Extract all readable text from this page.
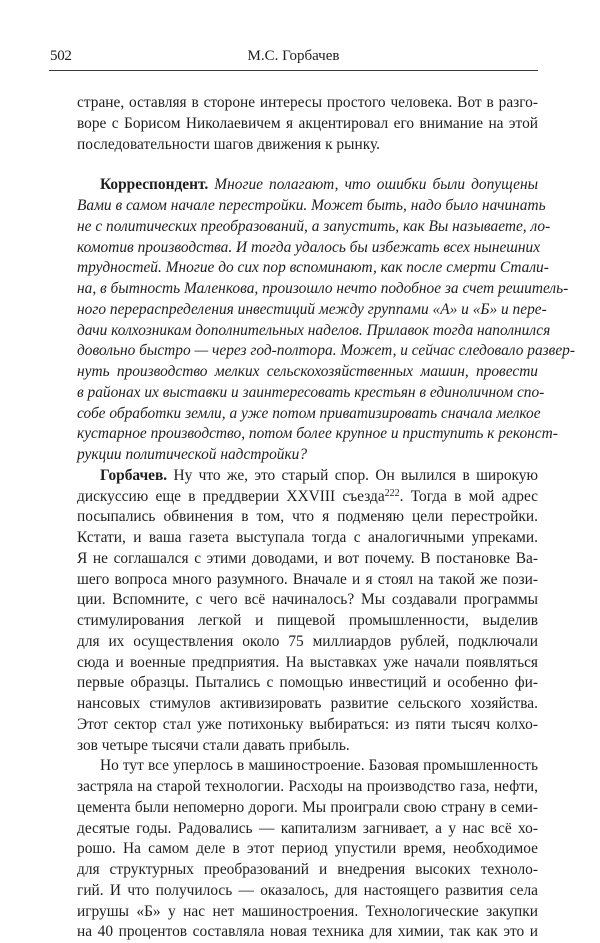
502	М.С. Горбачев

стране, оставляя в стороне интересы простого человека. Вот в разго-
воре с Борисом Николаевичем я акцентировал его внимание на этой
последовательности шагов движения к рынку.

Корреспондент. Многие полагают, что ошибки были допущены
Вами в самом начале перестройки. Может быть, надо было начинать
не с политических преобразований, а запустить, как Вы называете, ло-
комотив производства. И тогда удалось бы избежать всех нынешних
трудностей. Многие до сих пор вспоминают, как после смерти Стали-
на, в бытность Маленкова, произошло нечто подобное за счет решитель-
ного перераспределения инвестиций между группами «А» и «Б» и пере-
дачи колхозникам дополнительных наделов. Прилавок тогда наполнился
довольно быстро — через год-полтора. Может, и сейчас следовало развер-
нуть производство мелких сельскохозяйственных машин, провести
в районах их выставки и заинтересовать крестьян в единоличном спо-
собе обработки земли, а уже потом приватизировать сначала мелкое
кустарное производство, потом более крупное и приступить к реконст-
рукции политической надстройки?

Горбачев. Ну что же, это старый спор. Он вылился в широкую
дискуссию еще в преддверии XXVIII съезда$^{222}$. Тогда в мой адрес
посыпались обвинения в том, что я подменяю цели перестройки.
Кстати, и ваша газета выступала тогда с аналогичными упреками.
Я не соглашался с этими доводами, и вот почему. В постановке Ва-
шего вопроса много разумного. Вначале и я стоял на такой же пози-
ции. Вспомните, с чего всё начиналось? Мы создавали программы
стимулирования легкой и пищевой промышленности, выделив
для их осуществления около 75 миллиардов рублей, подключали
сюда и военные предприятия. На выставках уже начали появляться
первые образцы. Пытались с помощью инвестиций и особенно фи-
нансовых стимулов активизировать развитие сельского хозяйства.
Этот сектор стал уже потихоньку выбираться: из пяти тысяч колхо-
зов четыре тысячи стали давать прибыль.

Но тут все уперлось в машиностроение. Базовая промышленность
застряла на старой технологии. Расходы на производство газа, нефти,
цемента были непомерно дороги. Мы проиграли свою страну в семи-
десятые годы. Радовались — капитализм загнивает, а у нас всё хо-
рошо. На самом деле в этот период упустили время, необходимое
для структурных преобразований и внедрения высоких техноло-
гий. И что получилось — оказалось, для настоящего развития села
игрушы «Б» у нас нет машиностроения. Технологические закупки
на 40 процентов составляла новая техника для химии, так как это и
